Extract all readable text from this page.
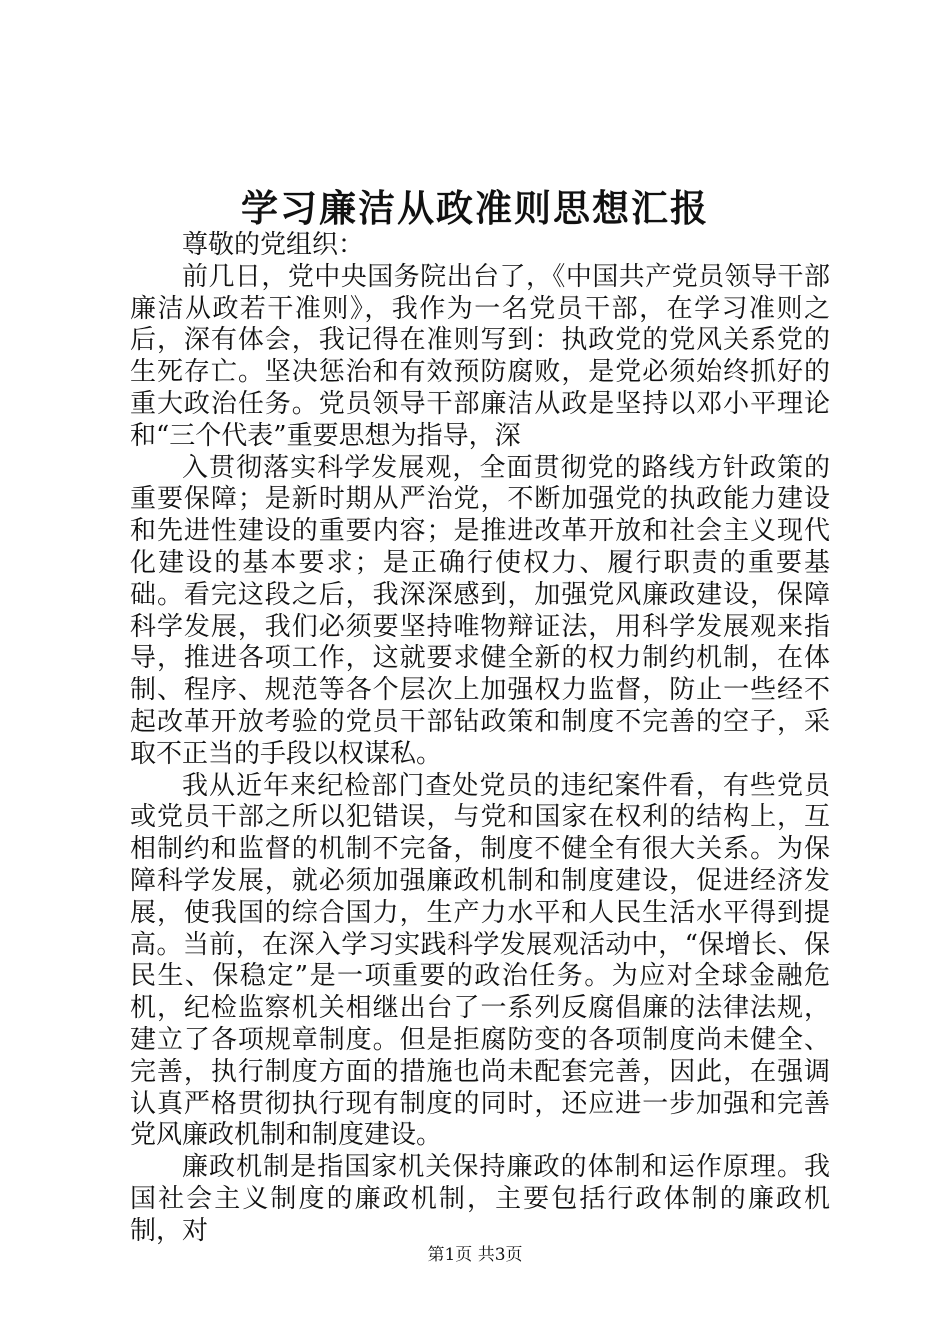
学习廉洁从政准则思想汇报

尊敬的党组织：

前几日，党中央国务院出台了，《中国共产党员领导干部廉洁从政若干准则》，我作为一名党员干部，在学习准则之后，深有体会，我记得在准则写到：执政党的党风关系党的生死存亡。坚决惩治和有效预防腐败，是党必须始终抓好的重大政治任务。党员领导干部廉洁从政是坚持以邓小平理论和“三个代表”重要思想为指导，深

入贯彻落实科学发展观，全面贯彻党的路线方针政策的重要保障；是新时期从严治党，不断加强党的执政能力建设和先进性建设的重要内容；是推进改革开放和社会主义现代化建设的基本要求；是正确行使权力、履行职责的重要基础。看完这段之后，我深深感到，加强党风廉政建设，保障科学发展，我们必须要坚持唯物辩证法，用科学发展观来指导，推进各项工作，这就要求健全新的权力制约机制，在体制、程序、规范等各个层次上加强权力监督，防止一些经不起改革开放考验的党员干部钻政策和制度不完善的空子，采取不正当的手段以权谋私。

我从近年来纪检部门查处党员的违纪案件看，有些党员或党员干部之所以犯错误，与党和国家在权利的结构上，互相制约和监督的机制不完备，制度不健全有很大关系。为保障科学发展，就必须加强廉政机制和制度建设，促进经济发展，使我国的综合国力，生产力水平和人民生活水平得到提高。当前，在深入学习实践科学发展观活动中，“保增长、保民生、保稳定”是一项重要的政治任务。为应对全球金融危机，纪检监察机关相继出台了一系列反腐倡廉的法律法规，建立了各项规章制度。但是拒腐防变的各项制度尚未健全、完善，执行制度方面的措施也尚未配套完善，因此，在强调认真严格贯彻执行现有制度的同时，还应进一步加强和完善党风廉政机制和制度建设。

廉政机制是指国家机关保持廉政的体制和运作原理。我国社会主义制度的廉政机制，主要包括行政体制的廉政机制，对

第1页 共3页
